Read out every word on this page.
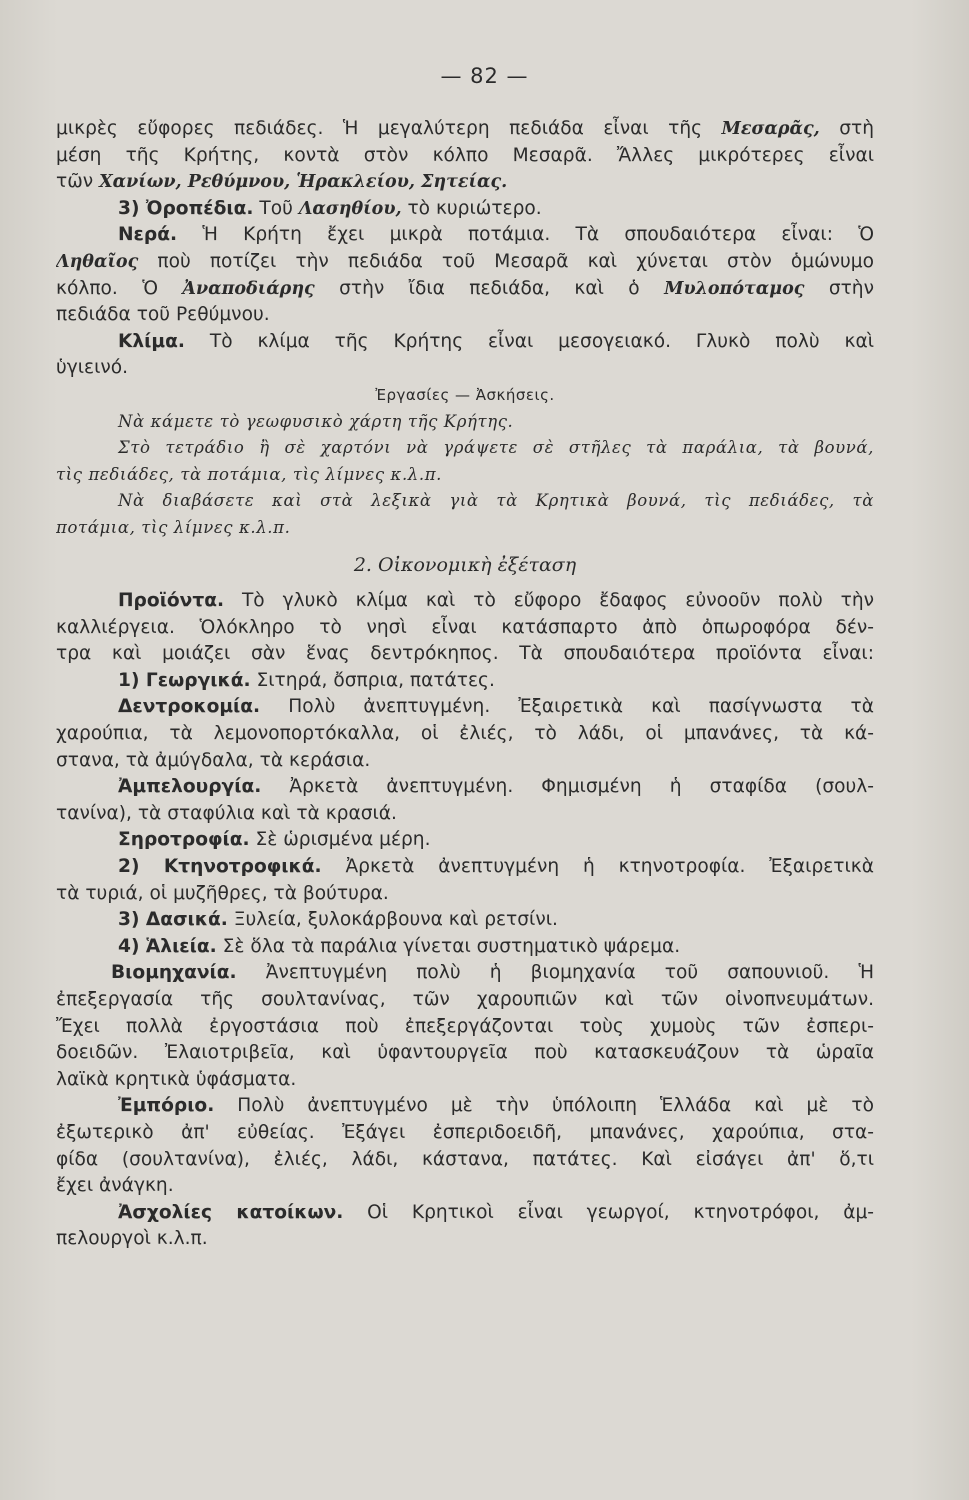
— 82 —
μικρὲς εὔφορες πεδιάδες. Ἡ μεγαλύτερη πεδιάδα εἶναι τῆς Μεσαρᾶς, στὴ
μέση τῆς Κρήτης, κοντὰ στὸν κόλπο Μεσαρᾶ. Ἄλλες μικρότερες εἶναι
τῶν Χανίων, Ρεθύμνου, Ἡρακλείου, Σητείας.
3) Ὀροπέδια. Τοῦ Λασηθίου, τὸ κυριώτερο.
Νερά. Ἡ Κρήτη ἔχει μικρὰ ποτάμια. Τὰ σπουδαιότερα εἶναι: Ὁ
Ληθαῖος ποὺ ποτίζει τὴν πεδιάδα τοῦ Μεσαρᾶ καὶ χύνεται στὸν ὁμώνυμο
κόλπο. Ὁ Ἀναποδιάρης στὴν ἴδια πεδιάδα, καὶ ὁ Μυλοπόταμος στὴν
πεδιάδα τοῦ Ρεθύμνου.
Κλίμα. Τὸ κλίμα τῆς Κρήτης εἶναι μεσογειακό. Γλυκὸ πολὺ καὶ
ὑγιεινό.
Ἐργασίες — Ἀσκήσεις.
Νὰ κάμετε τὸ γεωφυσικὸ χάρτη τῆς Κρήτης.
Στὸ τετράδιο ἢ σὲ χαρτόνι νὰ γράψετε σὲ στῆλες τὰ παράλια, τὰ βουνά,
τὶς πεδιάδες, τὰ ποτάμια, τὶς λίμνες κ.λ.π.
Νὰ διαβάσετε καὶ στὰ λεξικὰ γιὰ τὰ Κρητικὰ βουνά, τὶς πεδιάδες, τὰ
ποτάμια, τὶς λίμνες κ.λ.π.
2. Οἰκονομικὴ ἐξέταση
Προϊόντα. Τὸ γλυκὸ κλίμα καὶ τὸ εὔφορο ἔδαφος εὐνοοῦν πολὺ τὴν
καλλιέργεια. Ὁλόκληρο τὸ νησὶ εἶναι κατάσπαρτο ἀπὸ ὀπωροφόρα δέν-
τρα καὶ μοιάζει σὰν ἕνας δεντρόκηπος. Τὰ σπουδαιότερα προϊόντα εἶναι:
1) Γεωργικά. Σιτηρά, ὄσπρια, πατάτες.
Δεντροκομία. Πολὺ ἀνεπτυγμένη. Ἐξαιρετικὰ καὶ πασίγνωστα τὰ
χαρούπια, τὰ λεμονοπορτόκαλλα, οἱ ἐλιές, τὸ λάδι, οἱ μπανάνες, τὰ κά-
στανα, τὰ ἀμύγδαλα, τὰ κεράσια.
Ἀμπελουργία. Ἀρκετὰ ἀνεπτυγμένη. Φημισμένη ἡ σταφίδα (σουλ-
τανίνα), τὰ σταφύλια καὶ τὰ κρασιά.
Σηροτροφία. Σὲ ὡρισμένα μέρη.
2) Κτηνοτροφικά. Ἀρκετὰ ἀνεπτυγμένη ἡ κτηνοτροφία. Ἐξαιρετικὰ
τὰ τυριά, οἱ μυζῆθρες, τὰ βούτυρα.
3) Δασικά. Ξυλεία, ξυλοκάρβουνα καὶ ρετσίνι.
4) Ἁλιεία. Σὲ ὅλα τὰ παράλια γίνεται συστηματικὸ ψάρεμα.
Βιομηχανία. Ἀνεπτυγμένη πολὺ ἡ βιομηχανία τοῦ σαπουνιοῦ. Ἡ
ἐπεξεργασία τῆς σουλτανίνας, τῶν χαρουπιῶν καὶ τῶν οἰνοπνευμάτων.
Ἔχει πολλὰ ἐργοστάσια ποὺ ἐπεξεργάζονται τοὺς χυμοὺς τῶν ἐσπερι-
δοειδῶν. Ἐλαιοτριβεῖα, καὶ ὑφαντουργεῖα ποὺ κατασκευάζουν τὰ ὡραῖα
λαϊκὰ κρητικὰ ὑφάσματα.
Ἐμπόριο. Πολὺ ἀνεπτυγμένο μὲ τὴν ὑπόλοιπη Ἑλλάδα καὶ μὲ τὸ
ἐξωτερικὸ ἀπ' εὐθείας. Ἐξάγει ἐσπεριδοειδῆ, μπανάνες, χαρούπια, στα-
φίδα (σουλτανίνα), ἐλιές, λάδι, κάστανα, πατάτες. Καὶ εἰσάγει ἀπ' ὅ,τι
ἔχει ἀνάγκη.
Ἀσχολίες κατοίκων. Οἱ Κρητικοὶ εἶναι γεωργοί, κτηνοτρόφοι, ἀμ-
πελουργοὶ κ.λ.π.
